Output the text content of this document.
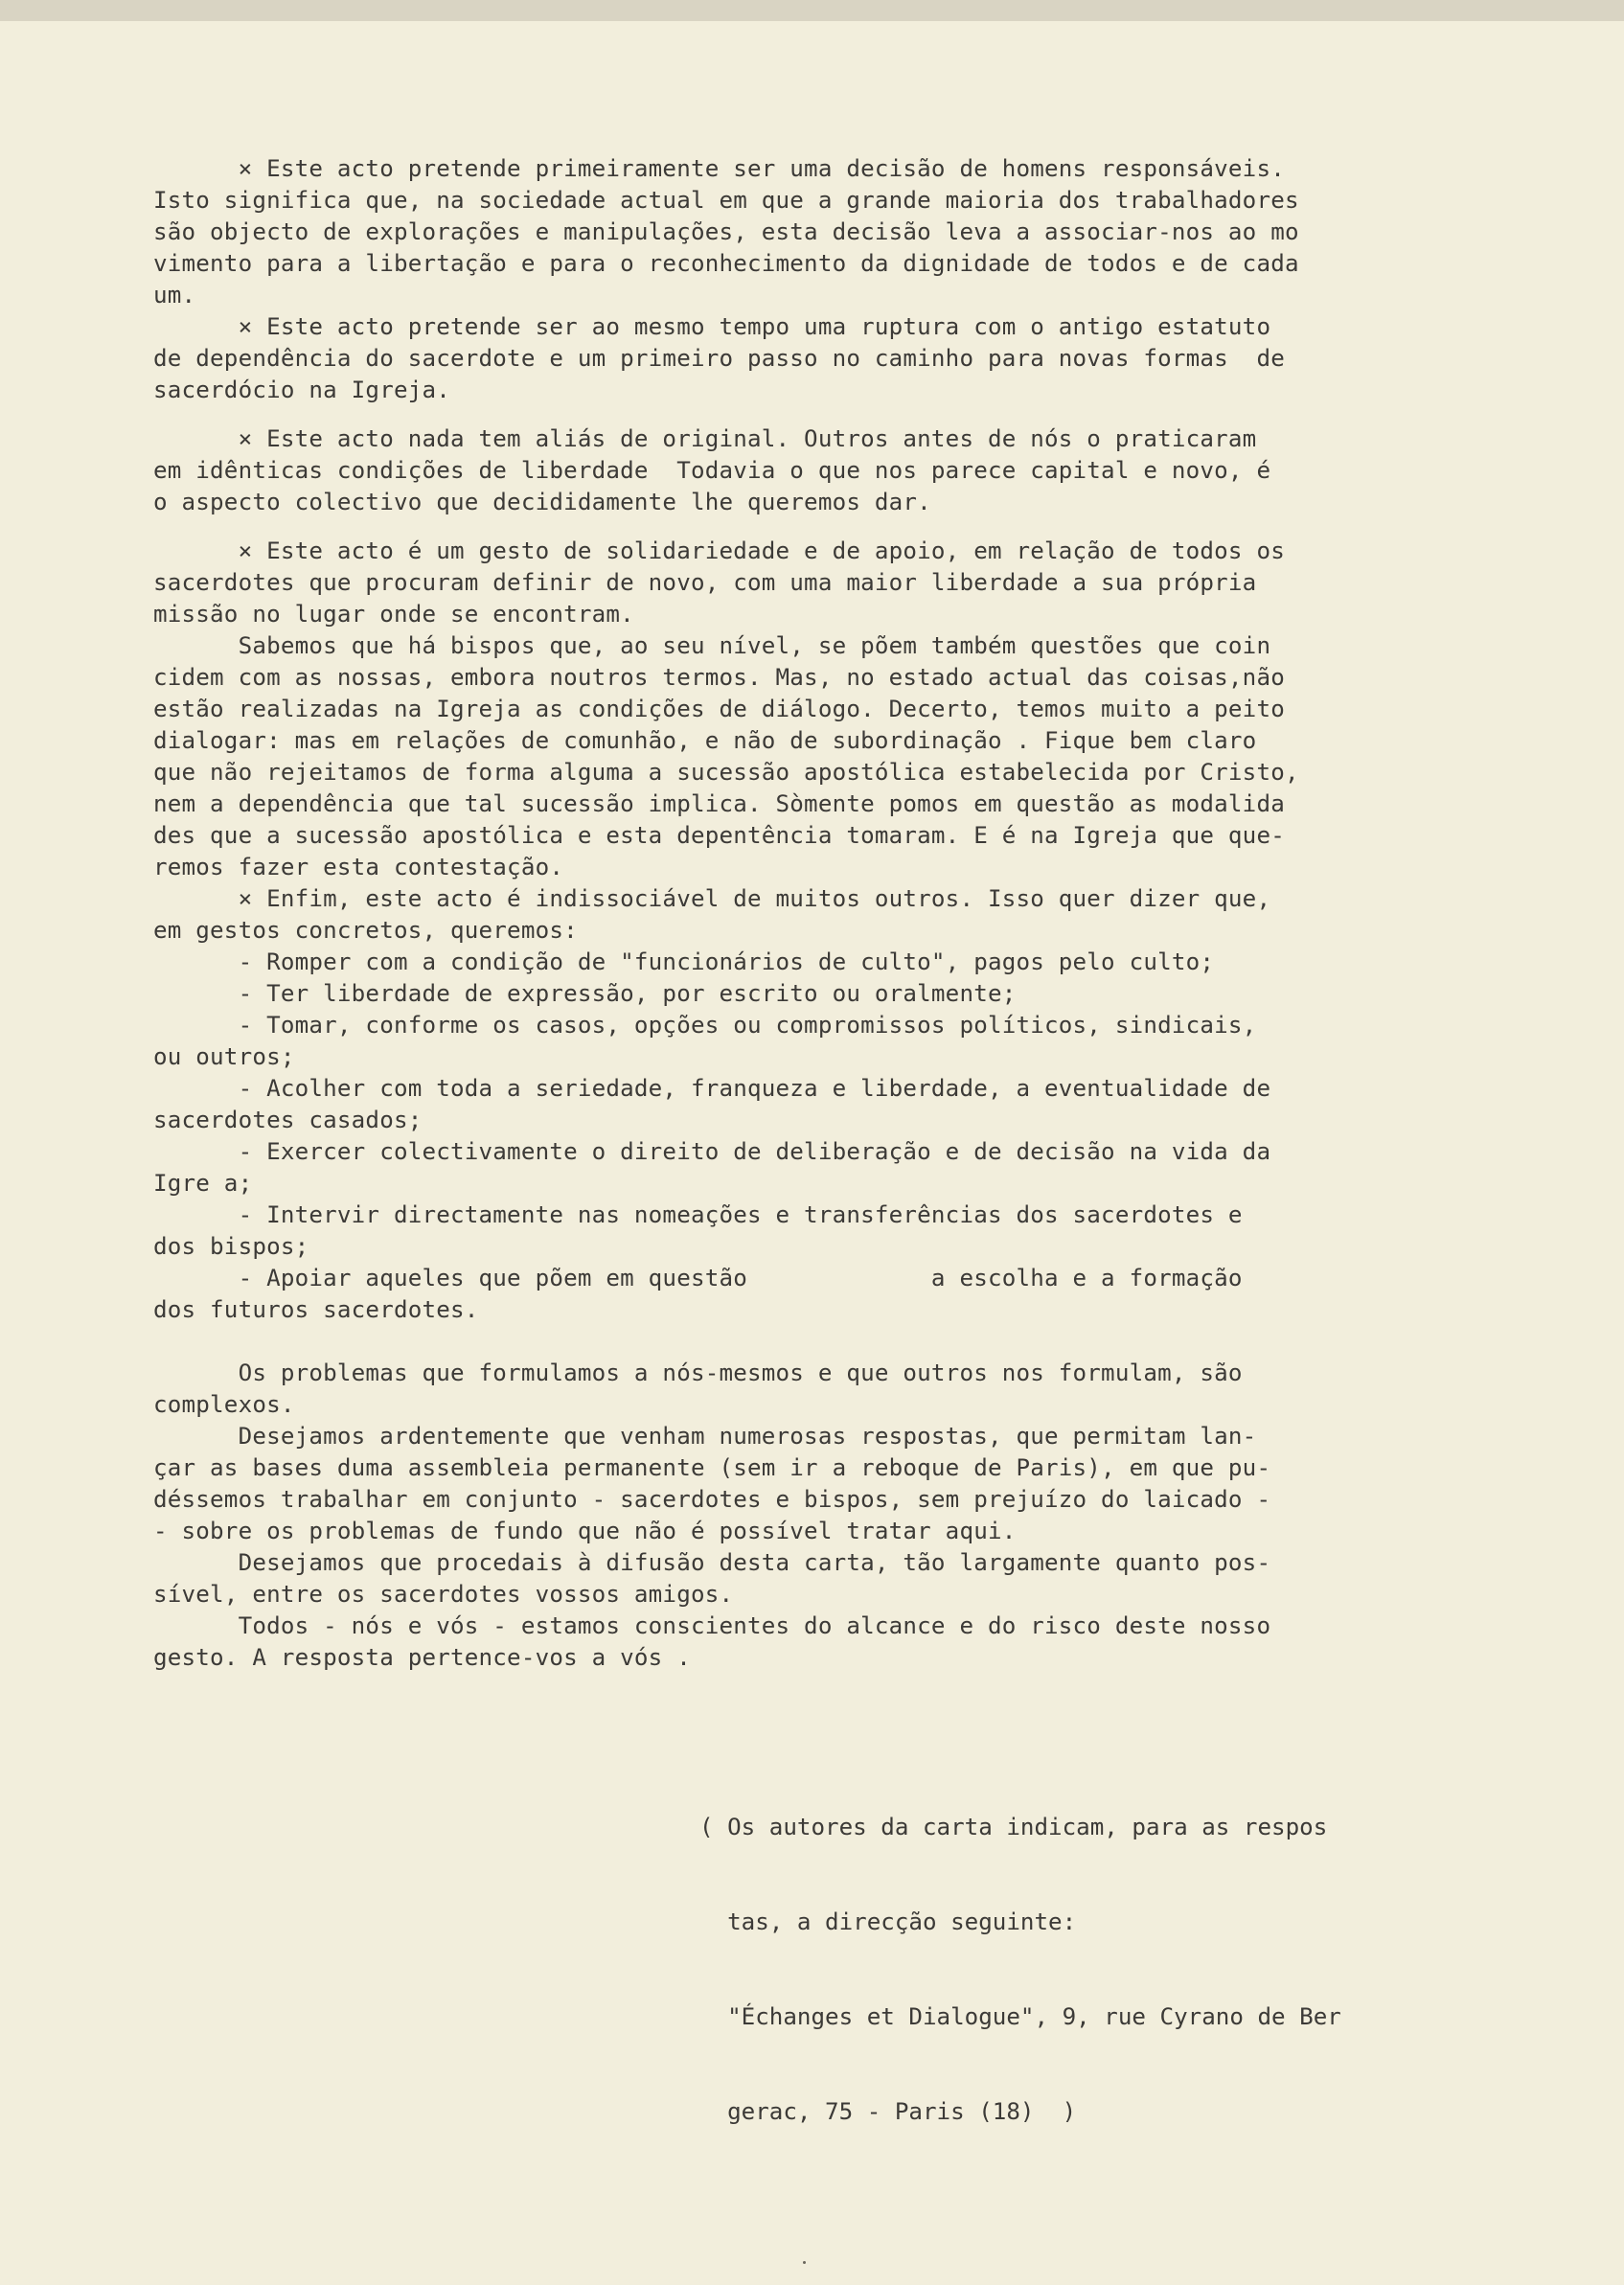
× Este acto pretende primeiramente ser uma decisão de homens responsáveis.
Isto significa que, na sociedade actual em que a grande maioria dos trabalhadores
são objecto de explorações e manipulações, esta decisão leva a associar-nos ao mo
vimento para a libertação e para o reconhecimento da dignidade de todos e de cada
um.
× Este acto pretende ser ao mesmo tempo uma ruptura com o antigo estatuto
de dependência do sacerdote e um primeiro passo no caminho para novas formas  de
sacerdócio na Igreja.
× Este acto nada tem aliás de original. Outros antes de nós o praticaram
em idênticas condições de liberdade  Todavia o que nos parece capital e novo, é
o aspecto colectivo que decididamente lhe queremos dar.
× Este acto é um gesto de solidariedade e de apoio, em relação de todos os
sacerdotes que procuram definir de novo, com uma maior liberdade a sua própria
missão no lugar onde se encontram.
Sabemos que há bispos que, ao seu nível, se põem também questões que coin
cidem com as nossas, embora noutros termos. Mas, no estado actual das coisas,não
estão realizadas na Igreja as condições de diálogo. Decerto, temos muito a peito
dialogar: mas em relações de comunhão, e não de subordinação . Fique bem claro
que não rejeitamos de forma alguma a sucessão apostólica estabelecida por Cristo,
nem a dependência que tal sucessão implica. Sòmente pomos em questão as modalida
des que a sucessão apostólica e esta depentência tomaram. E é na Igreja que que-
remos fazer esta contestação.
× Enfim, este acto é indissociável de muitos outros. Isso quer dizer que,
em gestos concretos, queremos:
- Romper com a condição de "funcionários de culto", pagos pelo culto;
- Ter liberdade de expressão, por escrito ou oralmente;
- Tomar, conforme os casos, opções ou compromissos políticos, sindicais,
ou outros;
- Acolher com toda a seriedade, franqueza e liberdade, a eventualidade de
sacerdotes casados;
- Exercer colectivamente o direito de deliberação e de decisão na vida da
Igre a;
- Intervir directamente nas nomeações e transferências dos sacerdotes e
dos bispos;
- Apoiar aqueles que põem em questão             a escolha e a formação
dos futuros sacerdotes.
Os problemas que formulamos a nós-mesmos e que outros nos formulam, são
complexos.
Desejamos ardentemente que venham numerosas respostas, que permitam lan-
çar as bases duma assembleia permanente (sem ir a reboque de Paris), em que pu-
déssemos trabalhar em conjunto - sacerdotes e bispos, sem prejuízo do laicado -
- sobre os problemas de fundo que não é possível tratar aqui.
Desejamos que procedais à difusão desta carta, tão largamente quanto pos-
sível, entre os sacerdotes vossos amigos.
Todos - nós e vós - estamos conscientes do alcance e do risco deste nosso
gesto. A resposta pertence-vos a vós .

( Os autores da carta indicam, para as respos

tas, a direcção seguinte:

"Échanges et Dialogue", 9, rue Cyrano de Ber

gerac, 75 - Paris (18)  )
